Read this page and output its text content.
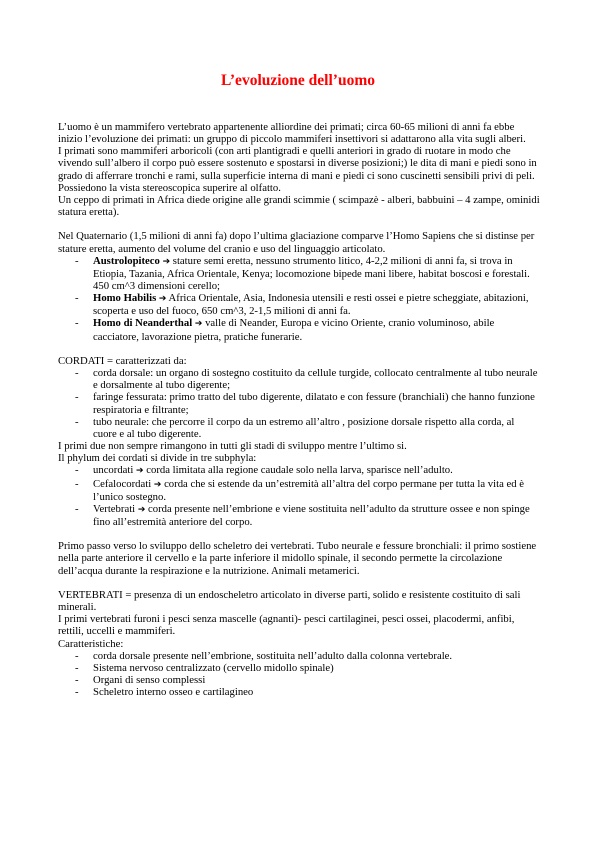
L’evoluzione dell’uomo

L’uomo è un mammifero vertebrato appartenente alliordine dei primati; circa 60-65 milioni di anni fa ebbe inizio l’evoluzione dei primati: un gruppo di piccolo mammiferi insettivori si adattarono alla vita sugli alberi.

I primati sono mammiferi arboricoli (con arti plantigradi e quelli anteriori in grado di ruotare in modo che vivendo sull’albero il corpo può essere sostenuto e spostarsi in diverse posizioni;) le dita di mani e piedi sono in grado di afferrare tronchi e rami, sulla superficie interna di mani e piedi ci sono cuscinetti sensibili privi di peli. Possiedono la vista stereoscopica superire al olfatto.

Un ceppo di primati in Africa diede origine alle grandi scimmie ( scimpazè - alberi, babbuini – 4 zampe, ominidi statura eretta).

Nel Quaternario (1,5 milioni di anni fa) dopo l’ultima glaciazione comparve l’Homo Sapiens che si distinse per stature eretta, aumento del volume del cranio e uso del linguaggio articolato.

- Austrolopiteco ➔ stature semi eretta, nessuno strumento litico, 4-2,2 milioni di anni fa, si trova in Etiopia, Tazania, Africa Orientale, Kenya; locomozione bipede mani libere, habitat boscosi e forestali. 450 cm^3 dimensioni cerello;
- Homo Habilis ➔ Africa Orientale, Asia, Indonesia utensili e resti ossei e pietre scheggiate, abitazioni, scoperta e uso del fuoco, 650 cm^3, 2-1,5 milioni di anni fa.
- Homo di Neanderthal ➔ valle di Neander, Europa e vicino Oriente, cranio voluminoso, abile cacciatore, lavorazione pietra, pratiche funerarie.

CORDATI = caratterizzati da:

- corda dorsale: un organo di sostegno costituito da cellule turgide, collocato centralmente al tubo neurale e dorsalmente al tubo digerente;
- faringe fessurata: primo tratto del tubo digerente, dilatato e con fessure (branchiali) che hanno funzione respiratoria e filtrante;
- tubo neurale: che percorre il corpo da un estremo all’altro , posizione dorsale rispetto alla corda, al cuore e al tubo digerente.

I primi due non sempre rimangono in tutti gli stadi di sviluppo mentre l’ultimo si.

Il phylum dei cordati si divide in tre subphyla:

- uncordati ➔ corda limitata alla regione caudale solo nella larva, sparisce nell’adulto.
- Cefalocordati ➔ corda che si estende da un’estremità all’altra del corpo permane per tutta la vita ed è l’unico sostegno.
- Vertebrati ➔ corda presente nell’embrione e viene sostituita nell’adulto da strutture ossee e non spinge fino all’estremità anteriore del corpo.

Primo passo verso lo sviluppo dello scheletro dei vertebrati. Tubo neurale e fessure bronchiali: il primo sostiene nella parte anteriore il cervello e la parte inferiore il midollo spinale, il secondo permette la circolazione dell’acqua durante la respirazione e la nutrizione. Animali metamerici.

VERTEBRATI = presenza di un endoscheletro articolato in diverse parti, solido e resistente costituito di sali minerali.

I primi vertebrati furoni i pesci senza mascelle (agnanti)- pesci cartilaginei, pesci ossei, placodermi, anfibi, rettili, uccelli e mammiferi.

Caratteristiche:

- corda dorsale presente nell’embrione, sostituita nell’adulto dalla colonna vertebrale.
- Sistema nervoso centralizzato (cervello midollo spinale)
- Organi di senso complessi
- Scheletro interno osseo e cartilagineo
